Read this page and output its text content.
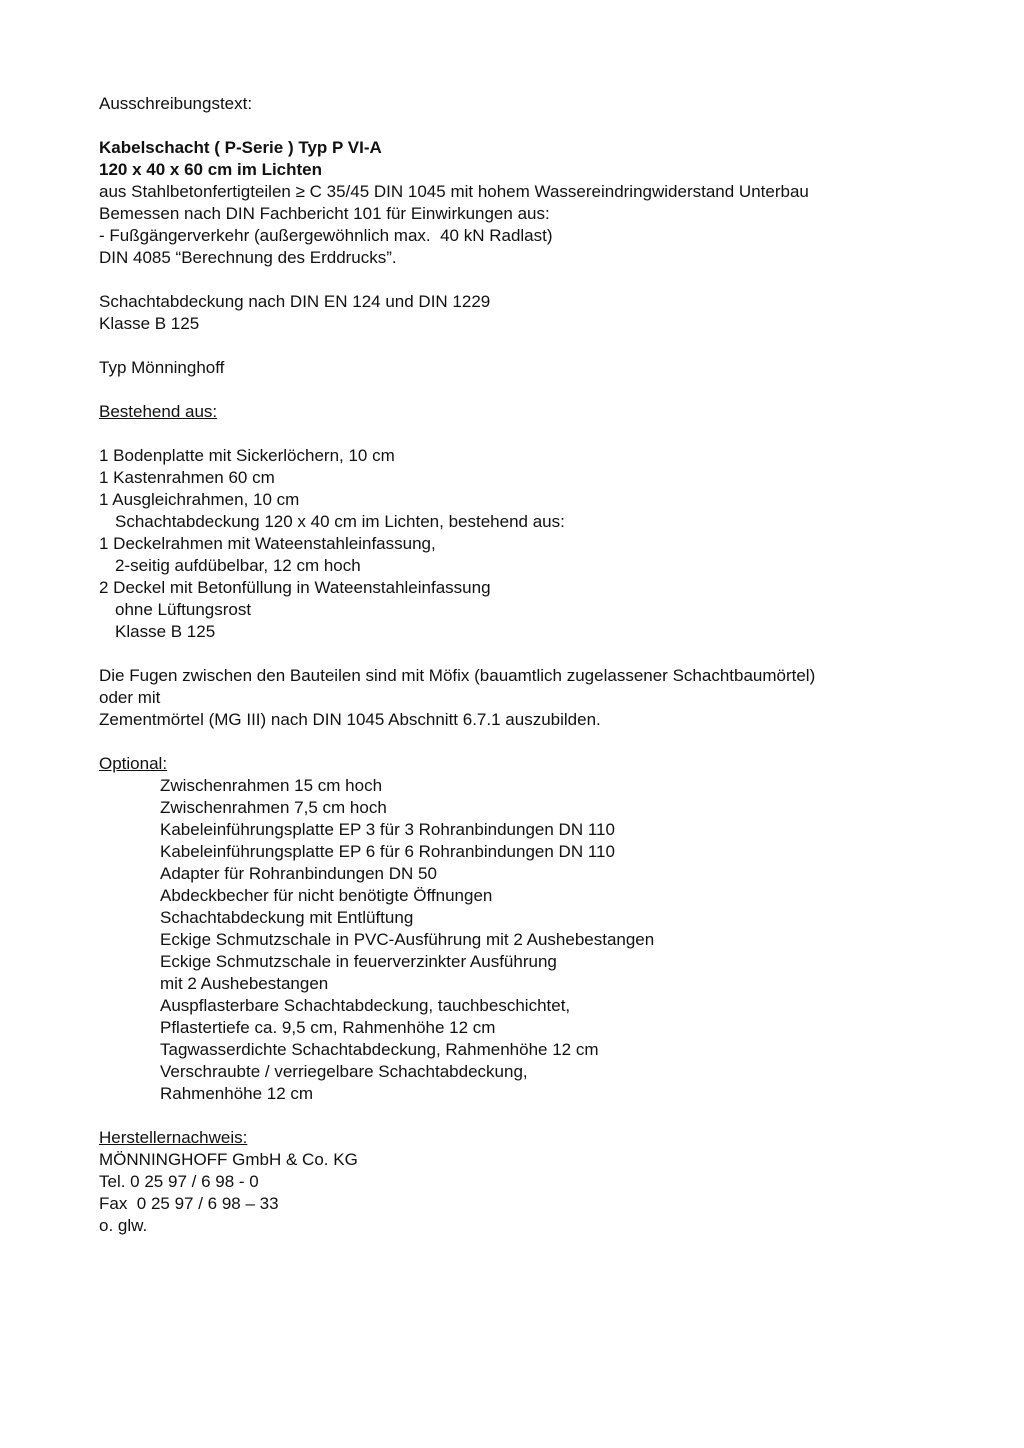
Ausschreibungstext:
Kabelschacht ( P-Serie ) Typ P VI-A
120 x 40 x 60 cm im Lichten
aus Stahlbetonfertigteilen ≥ C 35/45 DIN 1045 mit hohem Wassereindringwiderstand Unterbau
Bemessen nach DIN Fachbericht 101 für Einwirkungen aus:
- Fußgängerverkehr (außergewöhnlich max.  40 kN Radlast)
DIN 4085 “Berechnung des Erddrucks”.
Schachtabdeckung nach DIN EN 124 und DIN 1229
Klasse B 125
Typ Mönninghoff
Bestehend aus:
1 Bodenplatte mit Sickerlöchern, 10 cm
1 Kastenrahmen 60 cm
1 Ausgleichrahmen, 10 cm
Schachtabdeckung 120 x 40 cm im Lichten, bestehend aus:
1 Deckelrahmen mit Wateenstahleinfassung,
2-seitig aufdübelbar, 12 cm hoch
2 Deckel mit Betonfüllung in Wateenstahleinfassung
ohne Lüftungsrost
Klasse B 125
Die Fugen zwischen den Bauteilen sind mit Möfix (bauamtlich zugelassener Schachtbaumörtel)
oder mit
Zementmörtel (MG III) nach DIN 1045 Abschnitt 6.7.1 auszubilden.
Optional:
Zwischenrahmen 15 cm hoch
Zwischenrahmen 7,5 cm hoch
Kabeleinführungsplatte EP 3 für 3 Rohranbindungen DN 110
Kabeleinführungsplatte EP 6 für 6 Rohranbindungen DN 110
Adapter für Rohranbindungen DN 50
Abdeckbecher für nicht benötigte Öffnungen
Schachtabdeckung mit Entlüftung
Eckige Schmutzschale in PVC-Ausführung mit 2 Aushebestangen
Eckige Schmutzschale in feuerverzinkter Ausführung
mit 2 Aushebestangen
Auspflasterbare Schachtabdeckung, tauchbeschichtet,
Pflastertiefe ca. 9,5 cm, Rahmenhöhe 12 cm
Tagwasserdichte Schachtabdeckung, Rahmenhöhe 12 cm
Verschraubte / verriegelbare Schachtabdeckung,
Rahmenhöhe 12 cm
Herstellernachweis:
MÖNNINGHOFF GmbH & Co. KG
Tel. 0 25 97 / 6 98 - 0
Fax  0 25 97 / 6 98 – 33
o. glw.
